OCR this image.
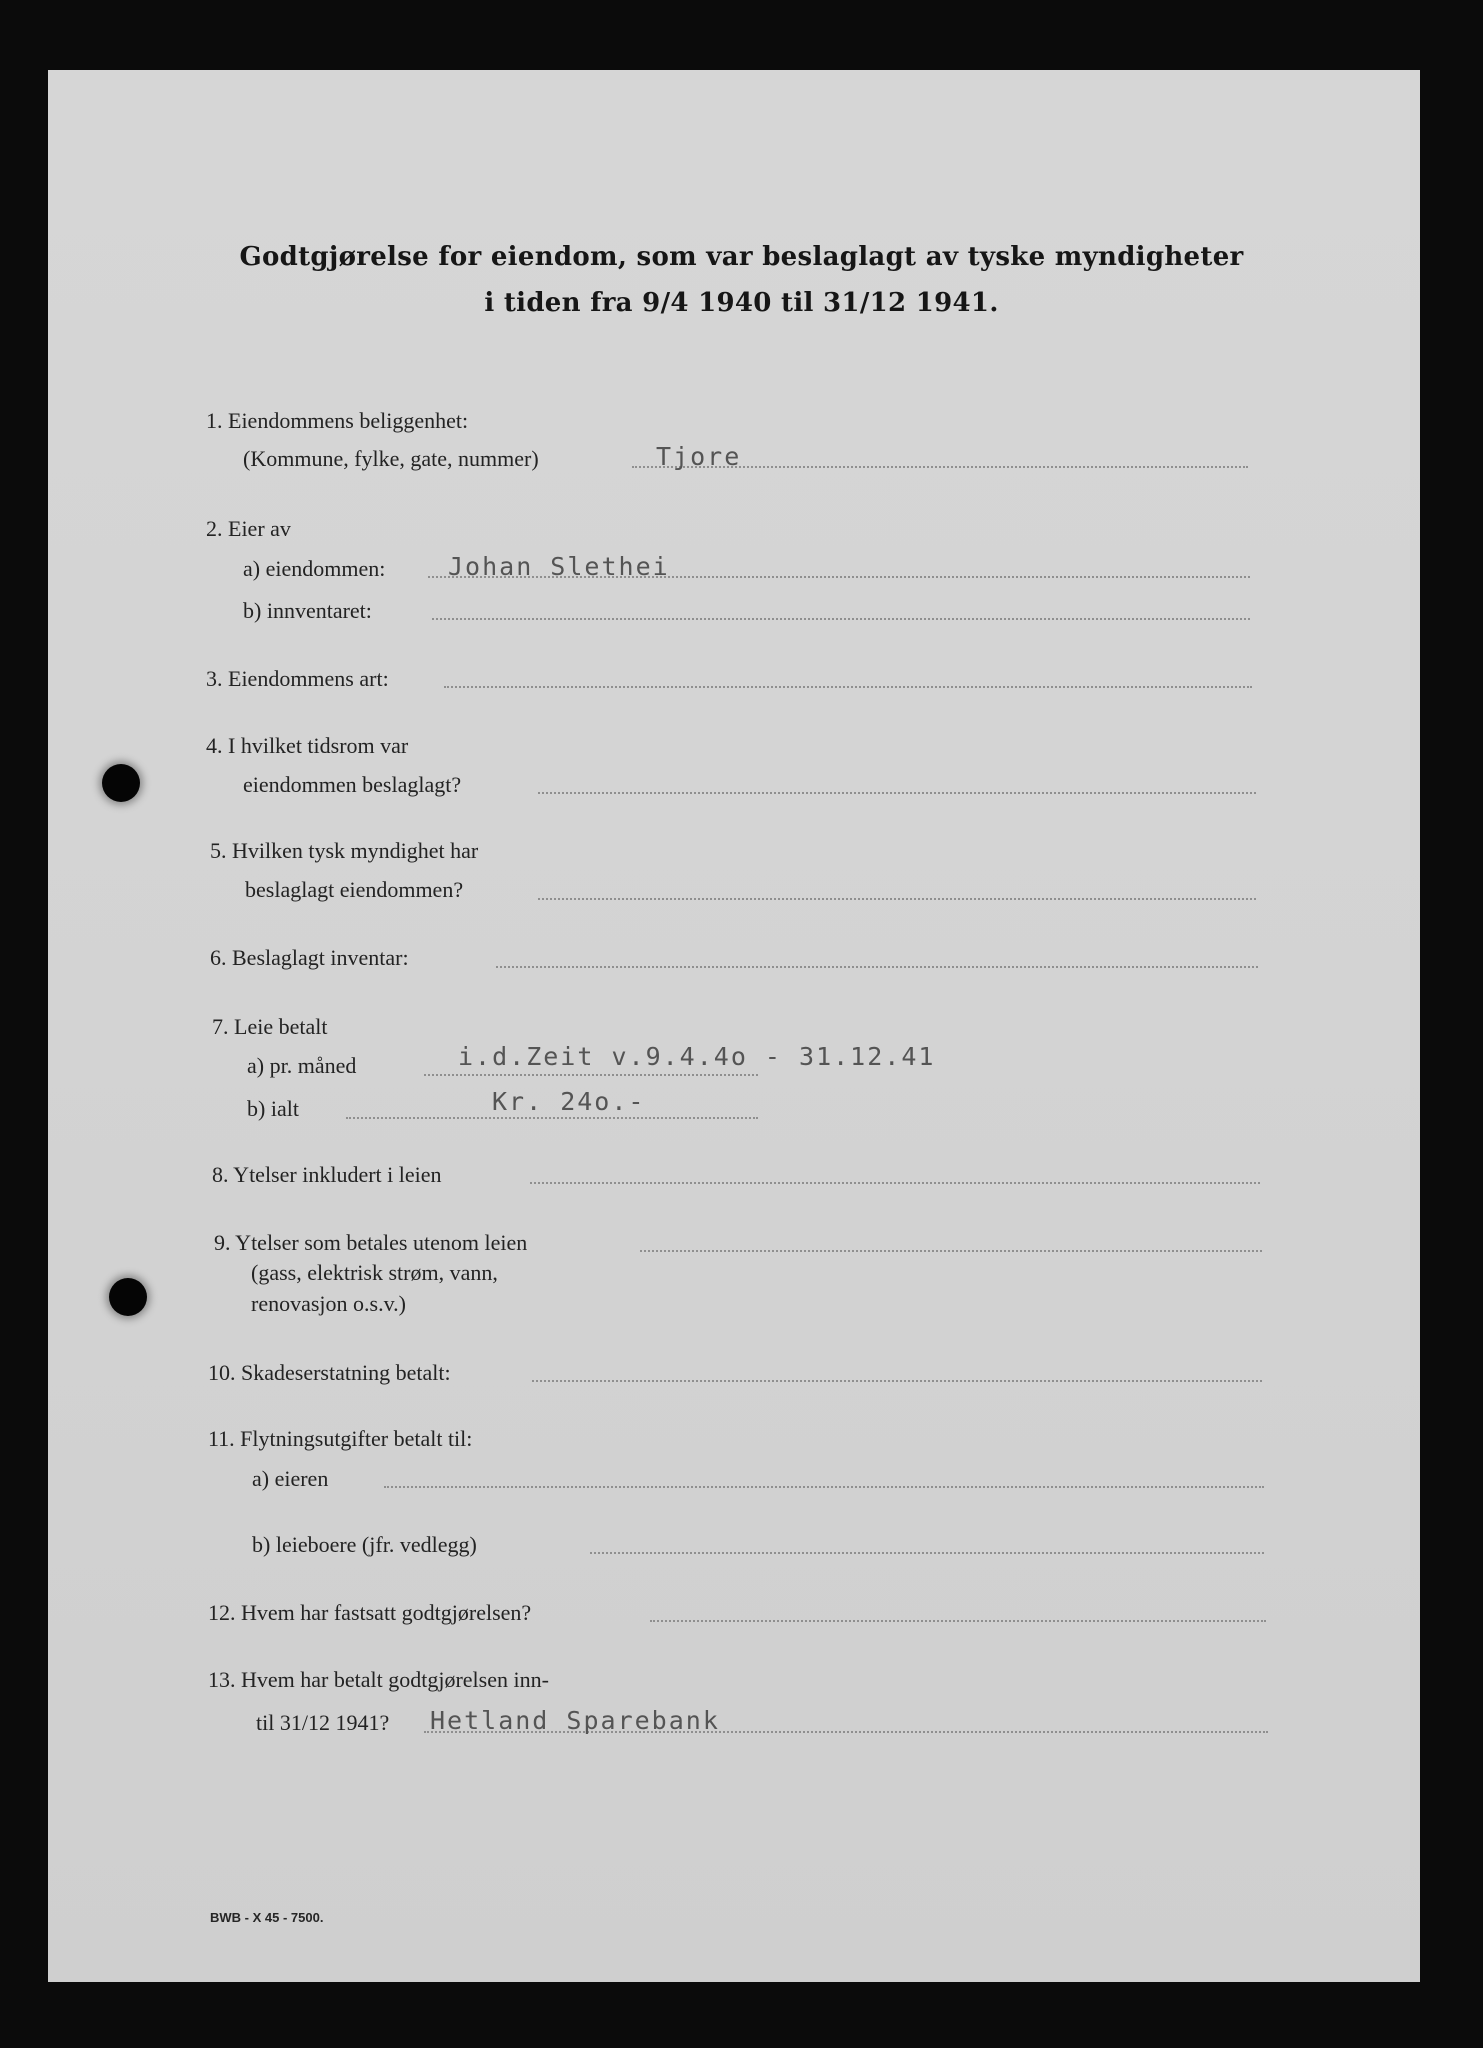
Godtgjørelse for eiendom, som var beslaglagt av tyske myndigheter
i tiden fra 9/4 1940 til 31/12 1941.
1. Eiendommens beliggenhet:
(Kommune, fylke, gate, nummer)	Tjore
2. Eier av
a) eiendommen:	Johan Slethei
b) innventaret:
3. Eiendommens art:
4. I hvilket tidsrom var
eiendommen beslaglagt?
5. Hvilken tysk myndighet har
beslaglagt eiendommen?
6. Beslaglagt inventar:
7. Leie betalt
a) pr. måned	i.d.Zeit v.9.4.4o - 31.12.41
b) ialt	Kr. 24o.-
8. Ytelser inkludert i leien
9. Ytelser som betales utenom leien
(gass, elektrisk strøm, vann,
renovasjon o.s.v.)
10. Skadeserstatning betalt:
11. Flytningsutgifter betalt til:
a) eieren
b) leieboere (jfr. vedlegg)
12. Hvem har fastsatt godtgjørelsen?
13. Hvem har betalt godtgjørelsen inn-
til 31/12 1941? Hetland Sparebank
BWB - X 45 - 7500.
